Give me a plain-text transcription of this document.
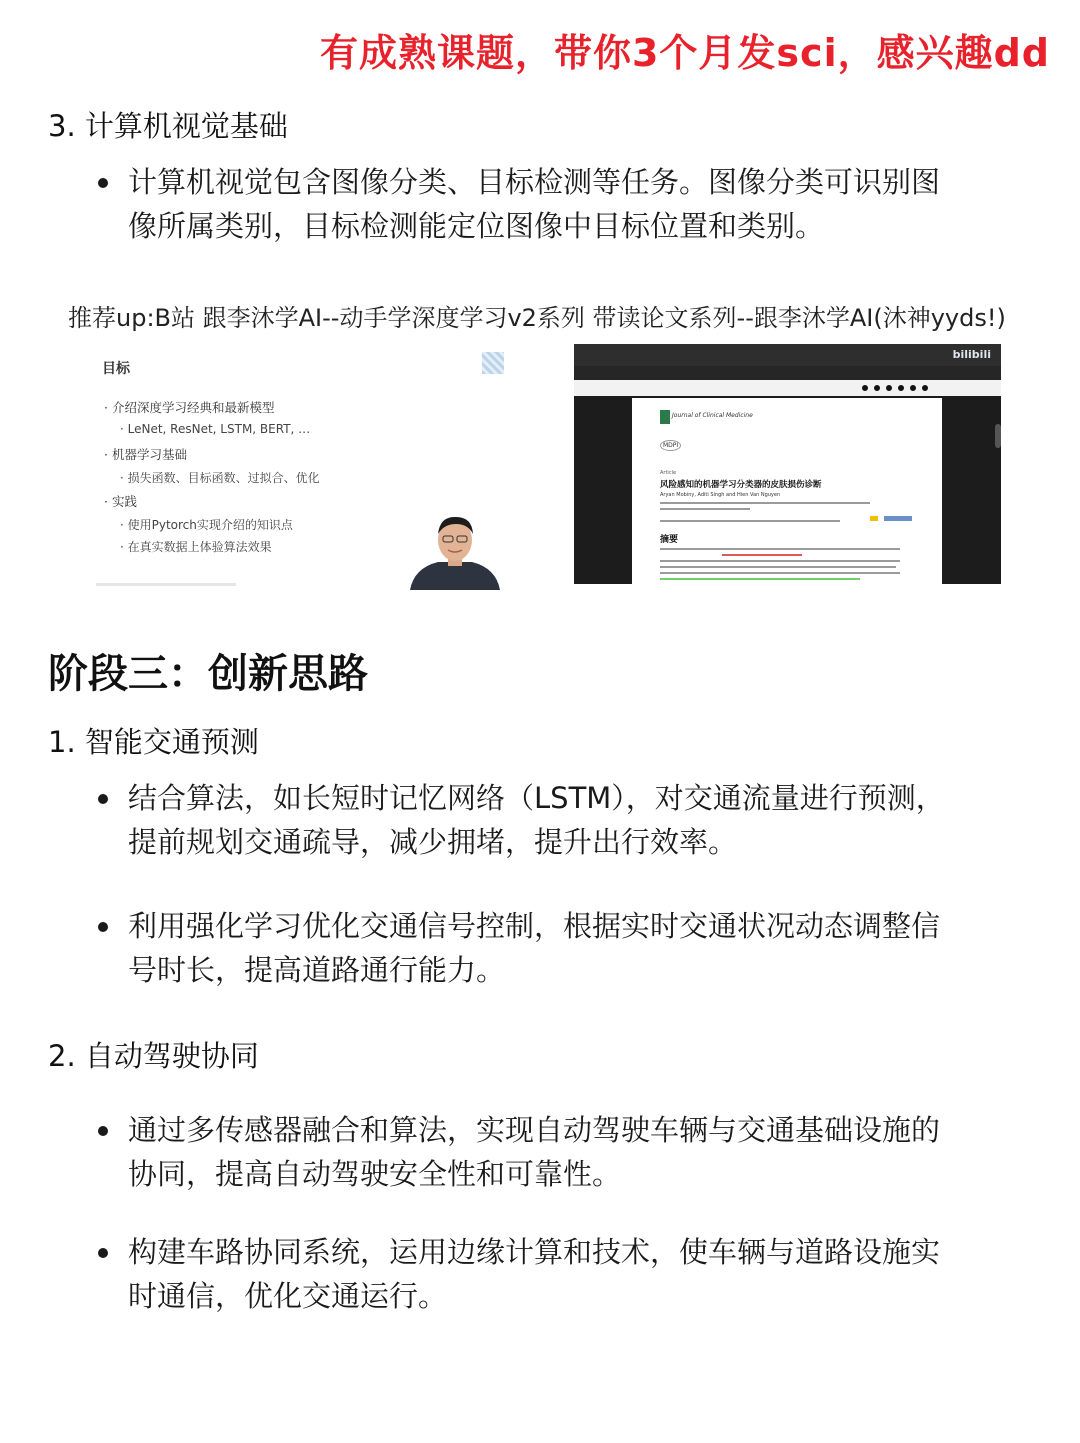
有成熟课题，带你3个月发sci，感兴趣dd
3. 计算机视觉基础
计算机视觉包含图像分类、目标检测等任务。图像分类可识别图像所属类别，目标检测能定位图像中目标位置和类别。
推荐up:B站 跟李沐学AI--动手学深度学习v2系列 带读论文系列--跟李沐学AI(沐神yyds!)
目标
· 介绍深度学习经典和最新模型
· LeNet, ResNet, LSTM, BERT, …
· 机器学习基础
· 损失函数、目标函数、过拟合、优化
· 实践
· 使用Pytorch实现介绍的知识点
· 在真实数据上体验算法效果
bilibili
Journal of Clinical Medicine
MDPI
Article
风险感知的机器学习分类器的皮肤损伤诊断
Aryan Mobiny, Aditi Singh and Hien Van Nguyen
摘要
阶段三：创新思路
1. 智能交通预测
结合算法，如长短时记忆网络（LSTM），对交通流量进行预测，提前规划交通疏导，减少拥堵，提升出行效率。
利用强化学习优化交通信号控制，根据实时交通状况动态调整信号时长，提高道路通行能力。
2. 自动驾驶协同
通过多传感器融合和算法，实现自动驾驶车辆与交通基础设施的协同，提高自动驾驶安全性和可靠性。
构建车路协同系统，运用边缘计算和技术，使车辆与道路设施实时通信，优化交通运行。
